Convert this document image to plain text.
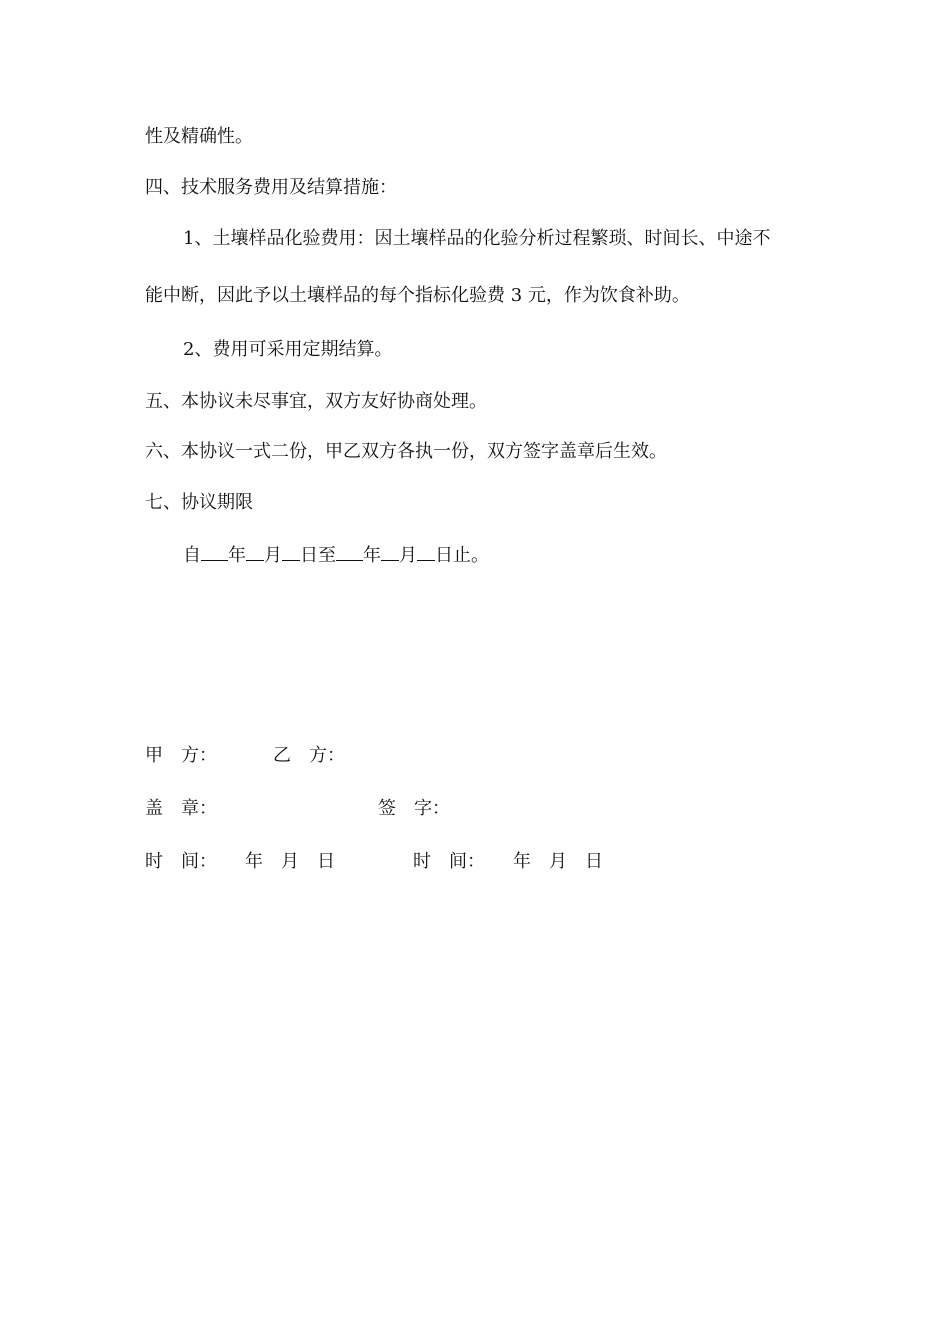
性及精确性。
四、技术服务费用及结算措施：
1、土壤样品化验费用：因土壤样品的化验分析过程繁琐、时间长、中途不
能中断，因此予以土壤样品的每个指标化验费 3 元，作为饮食补助。
2、费用可采用定期结算。
五、本协议未尽事宜，双方友好协商处理。
六、本协议一式二份，甲乙双方各执一份，双方签字盖章后生效。
七、协议期限
自 年 月 日至 年 月 日止。
甲　方：	乙　方：
盖　章：	签　字：
时　间： 年　月　日	时　间： 年　月　日
